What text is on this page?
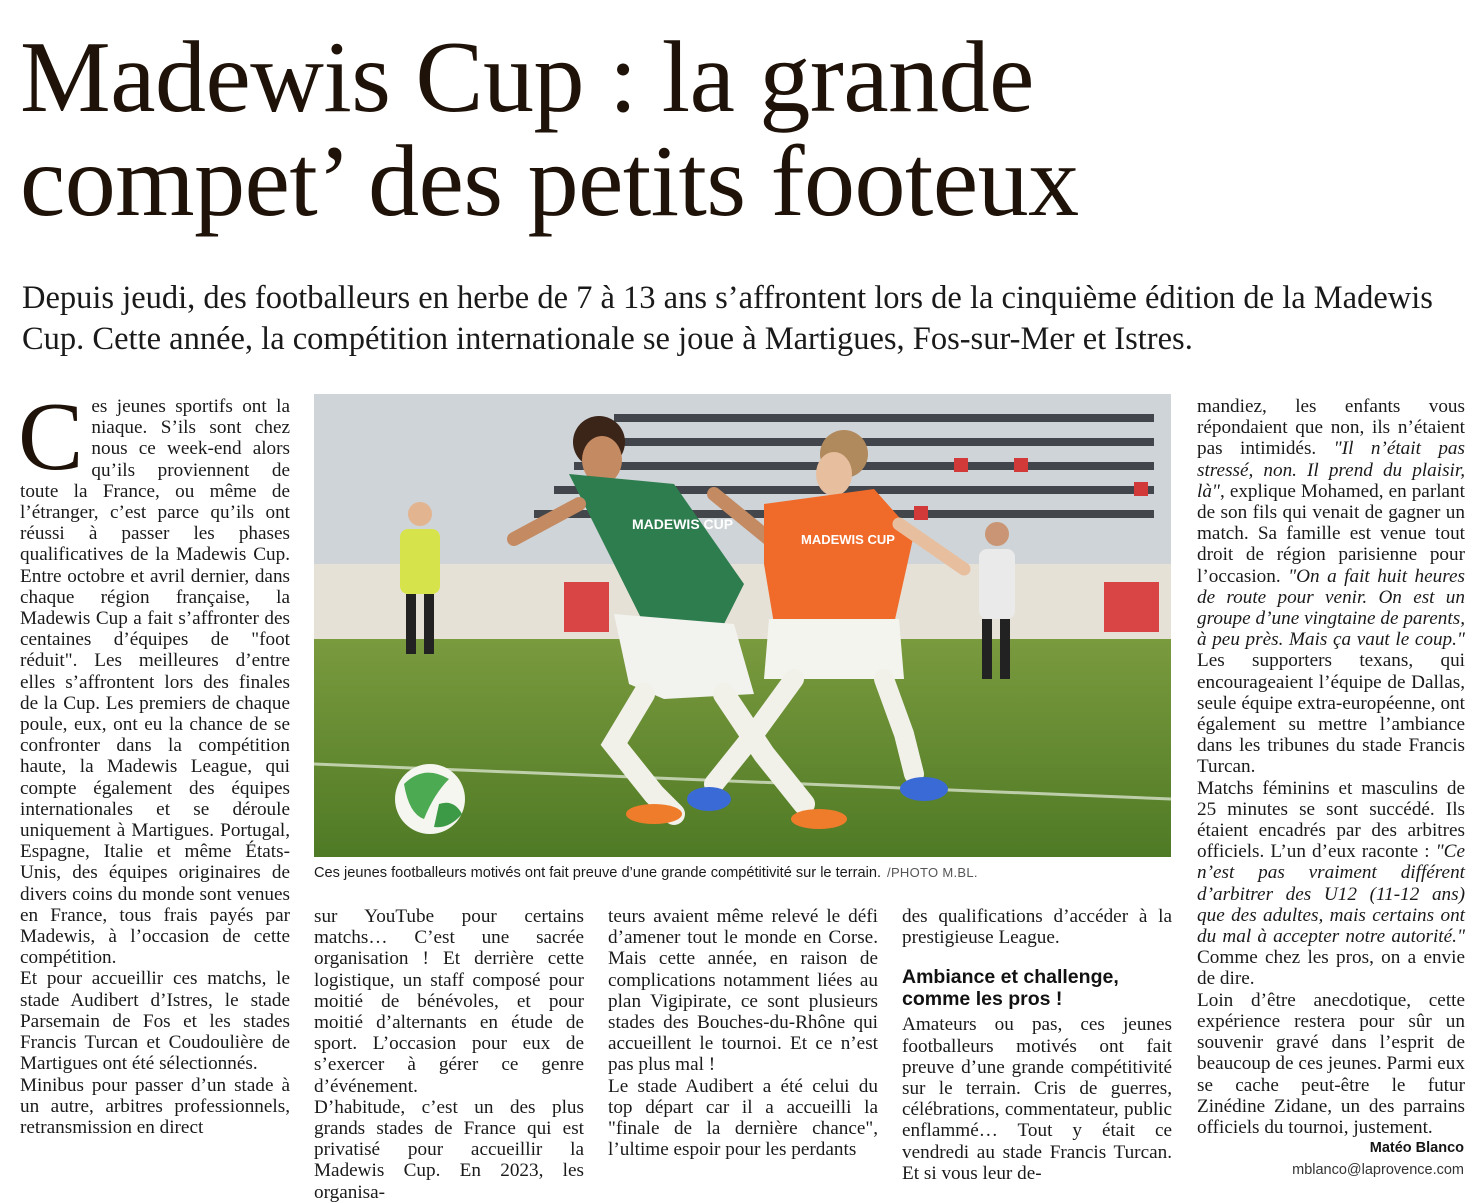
Madewis Cup : la grande
compet’ des petits footeux

Depuis jeudi, des footballeurs en herbe de 7 à 13 ans s’affrontent lors de la cinquième édition de la Madewis Cup. Cette année, la compétition internationale se joue à Martigues, Fos-sur-Mer et Istres.

Ces jeunes sportifs ont la niaque. S’ils sont chez nous ce week-end alors qu’ils proviennent de toute la France, ou même de l’étranger, c’est parce qu’ils ont réussi à passer les phases qualificatives de la Madewis Cup. Entre octobre et avril dernier, dans chaque région française, la Madewis Cup a fait s’affronter des centaines d’équipes de "foot réduit". Les meilleures d’entre elles s’affrontent lors des finales de la Cup. Les premiers de chaque poule, eux, ont eu la chance de se confronter dans la compétition haute, la Madewis League, qui compte également des équipes internationales et se déroule uniquement à Martigues. Portugal, Espagne, Italie et même États-Unis, des équipes originaires de divers coins du monde sont venues en France, tous frais payés par Madewis, à l’occasion de cette compétition.

Et pour accueillir ces matchs, le stade Audibert d’Istres, le stade Parsemain de Fos et les stades Francis Turcan et Coudoulière de Martigues ont été sélectionnés.

Minibus pour passer d’un stade à un autre, arbitres professionnels, retransmission en direct

MADEWIS CUP
MADEWIS CUP
Ces jeunes footballeurs motivés ont fait preuve d’une grande compétitivité sur le terrain. /PHOTO M.BL.

sur YouTube pour certains matchs… C’est une sacrée organisation ! Et derrière cette logistique, un staff composé pour moitié de bénévoles, et pour moitié d’alternants en étude de sport. L’occasion pour eux de s’exercer à gérer ce genre d’événement.

D’habitude, c’est un des plus grands stades de France qui est privatisé pour accueillir la Madewis Cup. En 2023, les organisa-

teurs avaient même relevé le défi d’amener tout le monde en Corse. Mais cette année, en raison de complications notamment liées au plan Vigipirate, ce sont plusieurs stades des Bouches-du-Rhône qui accueillent le tournoi. Et ce n’est pas plus mal !

Le stade Audibert a été celui du top départ car il a accueilli la "finale de la dernière chance", l’ultime espoir pour les perdants

des qualifications d’accéder à la prestigieuse League.

Ambiance et challenge, comme les pros !

Amateurs ou pas, ces jeunes footballeurs motivés ont fait preuve d’une grande compétitivité sur le terrain. Cris de guerres, célébrations, commentateur, public enflammé… Tout y était ce vendredi au stade Francis Turcan. Et si vous leur de-

mandiez, les enfants vous répondaient que non, ils n’étaient pas intimidés. "Il n’était pas stressé, non. Il prend du plaisir, là", explique Mohamed, en parlant de son fils qui venait de gagner un match. Sa famille est venue tout droit de région parisienne pour l’occasion. "On a fait huit heures de route pour venir. On est un groupe d’une vingtaine de parents, à peu près. Mais ça vaut le coup." Les supporters texans, qui encourageaient l’équipe de Dallas, seule équipe extra-européenne, ont également su mettre l’ambiance dans les tribunes du stade Francis Turcan.

Matchs féminins et masculins de 25 minutes se sont succédé. Ils étaient encadrés par des arbitres officiels. L’un d’eux raconte : "Ce n’est pas vraiment différent d’arbitrer des U12 (11-12 ans) que des adultes, mais certains ont du mal à accepter notre autorité." Comme chez les pros, on a envie de dire.

Loin d’être anecdotique, cette expérience restera pour sûr un souvenir gravé dans l’esprit de beaucoup de ces jeunes. Parmi eux se cache peut-être le futur Zinédine Zidane, un des parrains officiels du tournoi, justement.

Matéo Blanco
mblanco@laprovence.com
